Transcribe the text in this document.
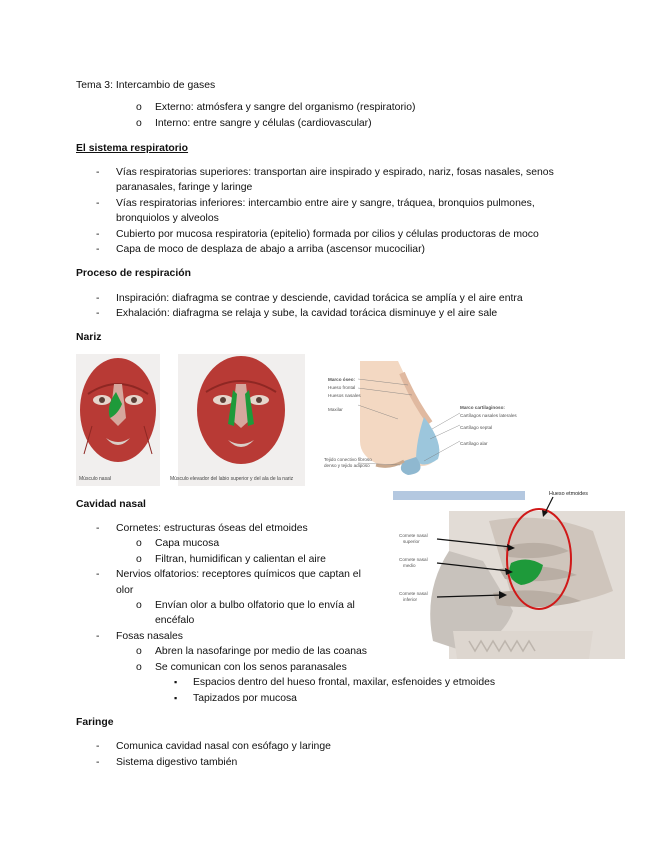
Tema 3: Intercambio de gases
o Externo: atmósfera y sangre del organismo (respiratorio)
o Interno: entre sangre y células (cardiovascular)
El sistema respiratorio
- Vías respiratorias superiores: transportan aire inspirado y espirado, nariz, fosas nasales, senos
paranasales, faringe y laringe
- Vías respiratorias inferiores: intercambio entre aire y sangre, tráquea, bronquios pulmones,
bronquiolos y alveolos
- Cubierto por mucosa respiratoria (epitelio) formada por cilios y células productoras de moco
- Capa de moco de desplaza de abajo a arriba (ascensor mucociliar)
Proceso de respiración
- Inspiración: diafragma se contrae y desciende, cavidad torácica se amplía y el aire entra
- Exhalación: diafragma se relaja y sube, la cavidad torácica disminuye y el aire sale
Nariz
Músculo nasal	Músculo elevador del labio superior y del ala de la nariz
Marco óseo:
Hueso frontal
Huesos nasales
Maxilar
Tejido conectivo fibroso
denso y tejido adiposo
Marco cartilaginoso:
Cartílagos nasales laterales
Cartílago septal
Cartílago alar
Cavidad nasal
- Cornetes: estructuras óseas del etmoides
o Capa mucosa
o Filtran, humidifican y calientan el aire
- Nervios olfatorios: receptores químicos que captan el
olor
o Envían olor a bulbo olfatorio que lo envía al
encéfalo
- Fosas nasales
o Abren la nasofaringe por medio de las coanas
o Se comunican con los senos paranasales
▪ Espacios dentro del hueso frontal, maxilar, esfenoides y etmoides
▪ Tapizados por mucosa
Hueso etmoides
Cornete nasal
superior
Cornete nasal
medio
Cornete nasal
inferior
Faringe
- Comunica cavidad nasal con esófago y laringe
- Sistema digestivo también
